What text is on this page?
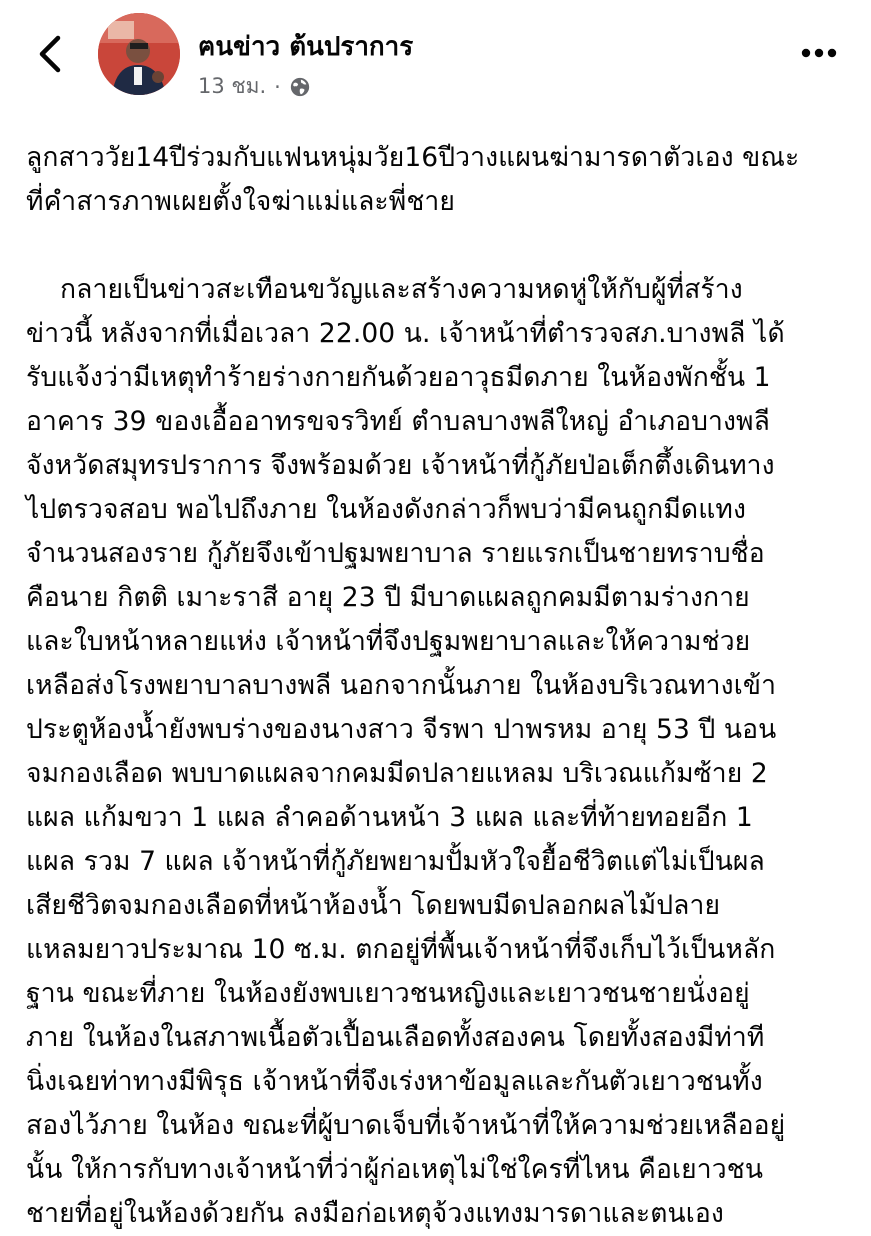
ฅนข่าว ต้นปราการ
13 ชม. ·
ลูกสาววัย14ปีร่วมกับแฟนหนุ่มวัย16ปีวางแผนฆ่ามารดาตัวเอง ขณะ
ที่คำสารภาพเผยตั้งใจฆ่าแม่และพี่ชาย
กลายเป็นข่าวสะเทือนขวัญและสร้างความหดหู่ให้กับผู้ที่สร้าง
ข่าวนี้ หลังจากที่เมื่อเวลา 22.00 น. เจ้าหน้าที่ตำรวจสภ.บางพลี ได้
รับแจ้งว่ามีเหตุทำร้ายร่างกายกันด้วยอาวุธมีดภาย ในห้องพักชั้น 1
อาคาร 39 ของเอื้ออาทรขจรวิทย์ ตำบลบางพลีใหญ่ อำเภอบางพลี
จังหวัดสมุทรปราการ จึงพร้อมด้วย เจ้าหน้าที่กู้ภัยป่อเต็กตึ้งเดินทาง
ไปตรวจสอบ พอไปถึงภาย ในห้องดังกล่าวก็พบว่ามีคนถูกมีดแทง
จำนวนสองราย กู้ภัยจึงเข้าปฐมพยาบาล รายแรกเป็นชายทราบชื่อ
คือนาย กิตติ เมาะราสี อายุ 23 ปี มีบาดแผลถูกคมมีตามร่างกาย
และใบหน้าหลายแห่ง เจ้าหน้าที่จึงปฐมพยาบาลและให้ความช่วย
เหลือส่งโรงพยาบาลบางพลี นอกจากนั้นภาย ในห้องบริเวณทางเข้า
ประตูห้องน้ำยังพบร่างของนางสาว จีรพา ปาพรหม อายุ 53 ปี นอน
จมกองเลือด พบบาดแผลจากคมมีดปลายแหลม บริเวณแก้มซ้าย 2
แผล แก้มขวา 1 แผล ลำคอด้านหน้า 3 แผล และที่ท้ายทอยอีก 1
แผล รวม 7 แผล เจ้าหน้าที่กู้ภัยพยามปั้มหัวใจยื้อชีวิตแต่ไม่เป็นผล
เสียชีวิตจมกองเลือดที่หน้าห้องน้ำ โดยพบมีดปลอกผลไม้ปลาย
แหลมยาวประมาณ 10 ซ.ม. ตกอยู่ที่พื้นเจ้าหน้าที่จึงเก็บไว้เป็นหลัก
ฐาน ขณะที่ภาย ในห้องยังพบเยาวชนหญิงและเยาวชนชายนั่งอยู่
ภาย ในห้องในสภาพเนื้อตัวเปื้อนเลือดทั้งสองคน โดยทั้งสองมีท่าที
นิ่งเฉยท่าทางมีพิรุธ เจ้าหน้าที่จึงเร่งหาข้อมูลและกันตัวเยาวชนทั้ง
สองไว้ภาย ในห้อง ขณะที่ผู้บาดเจ็บที่เจ้าหน้าที่ให้ความช่วยเหลืออยู่
นั้น ให้การกับทางเจ้าหน้าที่ว่าผู้ก่อเหตุไม่ใช่ใครที่ไหน คือเยาวชน
ชายที่อยู่ในห้องด้วยกัน ลงมือก่อเหตุจ้วงแทงมารดาและตนเอง
